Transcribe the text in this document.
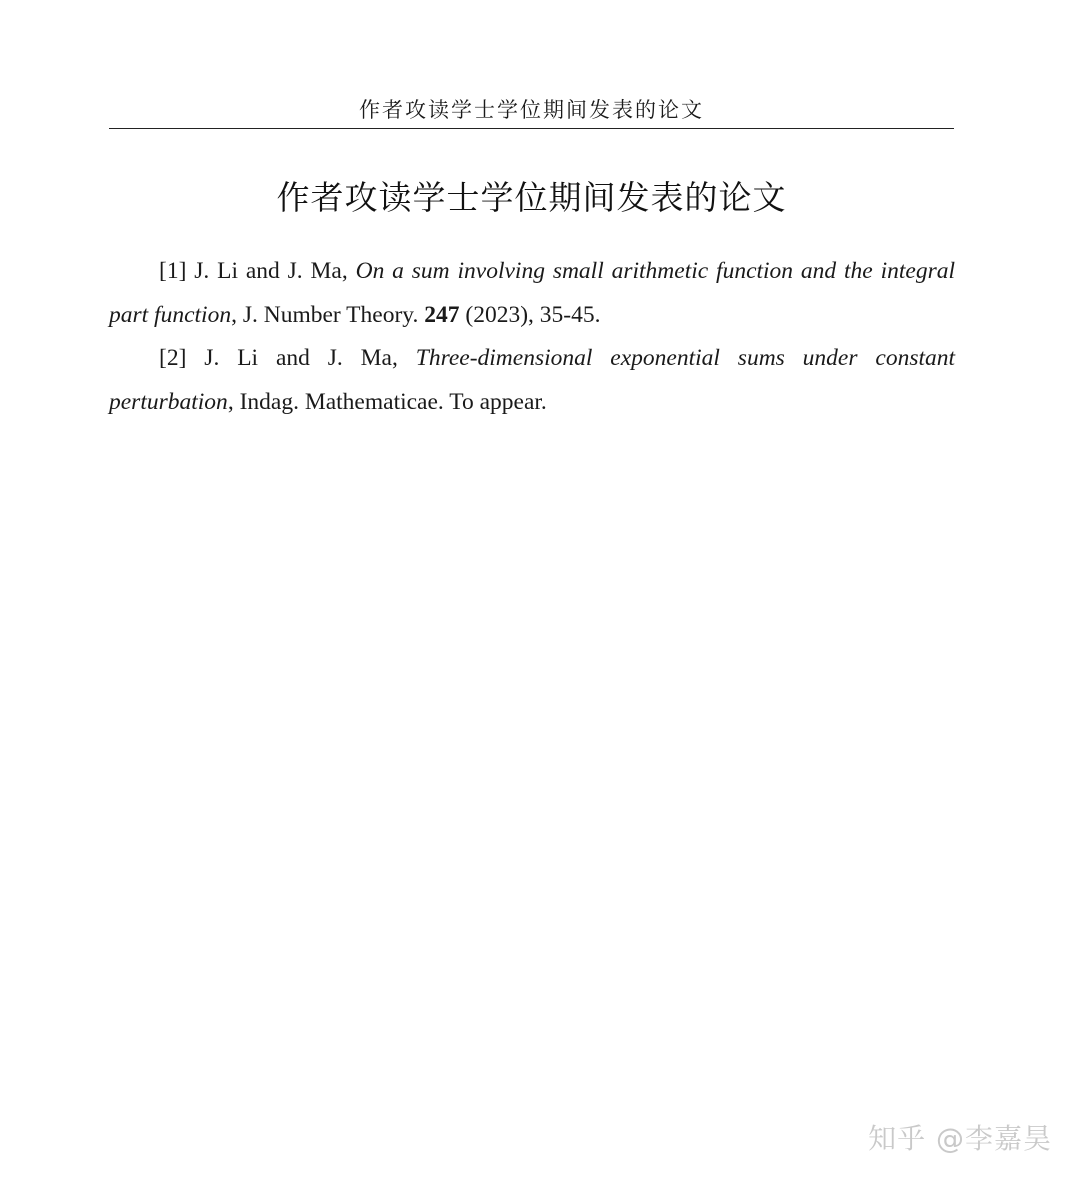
作者攻读学士学位期间发表的论文
作者攻读学士学位期间发表的论文

[1] J. Li and J. Ma, On a sum involving small arithmetic function and the integral part function, J. Number Theory. 247 (2023), 35-45.

[2] J. Li and J. Ma, Three-dimensional exponential sums under constant perturbation, Indag. Mathematicae. To appear.

知乎 @李嘉昊
